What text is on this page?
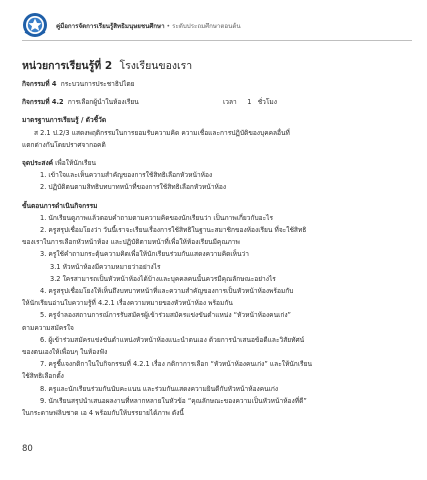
คู่มือการจัดการเรียนรู้สิทธิมนุษยชนศึกษา • ระดับประถมศึกษาตอนต้น
หน่วยการเรียนรู้ที่ 2 โรงเรียนของเรา
กิจกรรมที่ 4 กระบวนการประชาธิปไตย
กิจกรรมที่ 4.2 การเลือกผู้นำในห้องเรียน	เวลา 1 ชั่วโมง
มาตรฐานการเรียนรู้ / ตัวชี้วัด
ส 2.1 ป.2/3 แสดงพฤติกรรมในการยอมรับความคิด ความเชื่อและการปฏิบัติของบุคคลอื่นที่
แตกต่างกันโดยปราศจากอคติ
จุดประสงค์ เพื่อให้นักเรียน
1. เข้าใจและเห็นความสำคัญของการใช้สิทธิเลือกหัวหน้าห้อง
2. ปฏิบัติตนตามสิทธิบทบาทหน้าที่ของการใช้สิทธิเลือกหัวหน้าห้อง
ขั้นตอนการดำเนินกิจกรรม
1. นักเรียนดูภาพแล้วตอบคำถามตามความคิดของนักเรียนว่า เป็นภาพเกี่ยวกับอะไร
2. ครูสรุปเชื่อมโยงว่า วันนี้เราจะเรียนเรื่องการใช้สิทธิในฐานะสมาชิกของห้องเรียน ที่จะใช้สิทธิ
ของเราในการเลือกหัวหน้าห้อง และปฏิบัติตามหน้าที่เพื่อให้ห้องเรียนมีคุณภาพ
3. ครูใช้คำถามกระตุ้นความคิดเพื่อให้นักเรียนร่วมกันแสดงความคิดเห็นว่า
3.1 หัวหน้าห้องมีความหมายว่าอย่างไร
3.2 ใครสามารถเป็นหัวหน้าห้องได้บ้างและบุคคลคนนั้นควรมีคุณลักษณะอย่างไร
4. ครูสรุปเชื่อมโยงให้เห็นถึงบทบาทหน้าที่และความสำคัญของการเป็นหัวหน้าห้องพร้อมกับ
ให้นักเรียนอ่านใบความรู้ที่ 4.2.1 เรื่องความหมายของหัวหน้าห้อง พร้อมกัน
5. ครูจำลองสถานการณ์การรับสมัครผู้เข้าร่วมสมัครแข่งขันตำแหน่ง “หัวหน้าห้องคนเก่ง”
ตามความสมัครใจ
6. ผู้เข้าร่วมสมัครแข่งขันตำแหน่งหัวหน้าห้องแนะนำตนเอง ด้วยการนำเสนอข้อดีและวิสัยทัศน์
ของตนเองให้เพื่อนๆ ในห้องฟัง
7. ครูชี้แจงกติกาในใบกิจกรรมที่ 4.2.1 เรื่อง กติกาการเลือก “หัวหน้าห้องคนเก่ง” และให้นักเรียน
ใช้สิทธิเลือกตั้ง
8. ครูและนักเรียนร่วมกันนับคะแนน และร่วมกันแสดงความยินดีกับหัวหน้าห้องคนเก่ง
9. นักเรียนสรุปนำเสนอผลงานที่หลากหลายในหัวข้อ “คุณลักษณะของความเป็นหัวหน้าห้องที่ดี”
ในกระดาษฟลิบชาด เอ 4 พร้อมกับให้บรรยายได้ภาพ ดังนี้
80
